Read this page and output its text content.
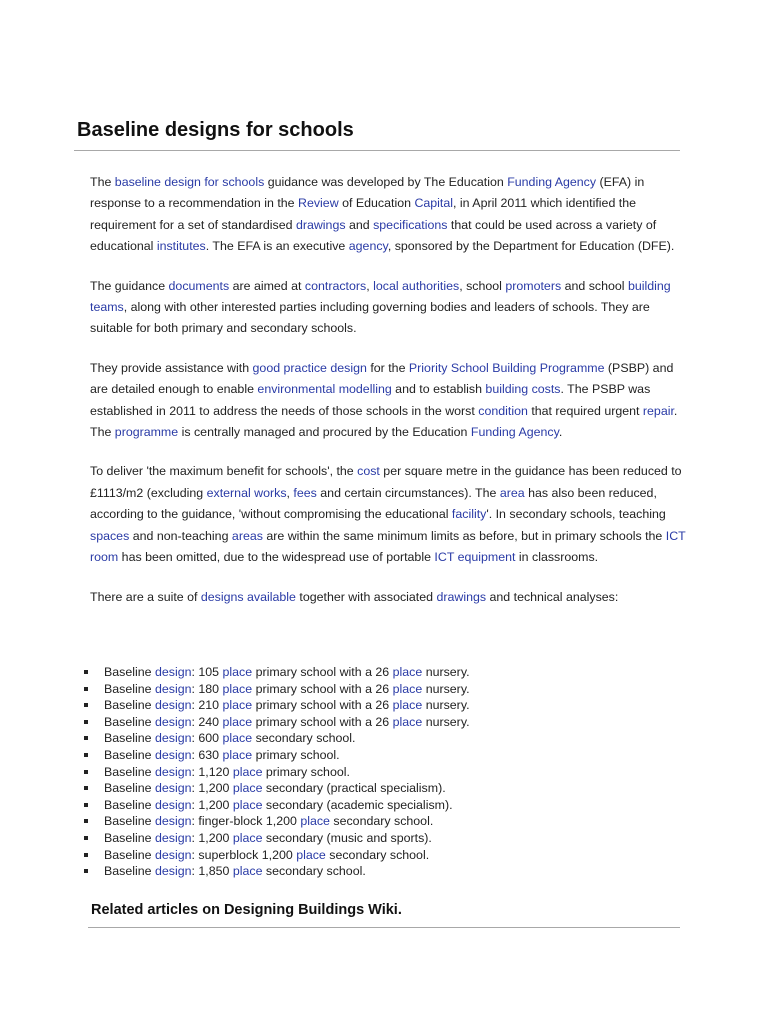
Baseline designs for schools

The baseline design for schools guidance was developed by The Education Funding Agency (EFA) in response to a recommendation in the Review of Education Capital, in April 2011 which identified the requirement for a set of standardised drawings and specifications that could be used across a variety of educational institutes. The EFA is an executive agency, sponsored by the Department for Education (DFE).

The guidance documents are aimed at contractors, local authorities, school promoters and school building teams, along with other interested parties including governing bodies and leaders of schools. They are suitable for both primary and secondary schools.

They provide assistance with good practice design for the Priority School Building Programme (PSBP) and are detailed enough to enable environmental modelling and to establish building costs. The PSBP was established in 2011 to address the needs of those schools in the worst condition that required urgent repair. The programme is centrally managed and procured by the Education Funding Agency.

To deliver 'the maximum benefit for schools', the cost per square metre in the guidance has been reduced to £1113/m2 (excluding external works, fees and certain circumstances). The area has also been reduced, according to the guidance, 'without compromising the educational facility'. In secondary schools, teaching spaces and non-teaching areas are within the same minimum limits as before, but in primary schools the ICT room has been omitted, due to the widespread use of portable ICT equipment in classrooms.

There are a suite of designs available together with associated drawings and technical analyses:

Baseline design: 105 place primary school with a 26 place nursery.
Baseline design: 180 place primary school with a 26 place nursery.
Baseline design: 210 place primary school with a 26 place nursery.
Baseline design: 240 place primary school with a 26 place nursery.
Baseline design: 600 place secondary school.
Baseline design: 630 place primary school.
Baseline design: 1,120 place primary school.
Baseline design: 1,200 place secondary (practical specialism).
Baseline design: 1,200 place secondary (academic specialism).
Baseline design: finger-block 1,200 place secondary school.
Baseline design: 1,200 place secondary (music and sports).
Baseline design: superblock 1,200 place secondary school.
Baseline design: 1,850 place secondary school.
Related articles on Designing Buildings Wiki.
